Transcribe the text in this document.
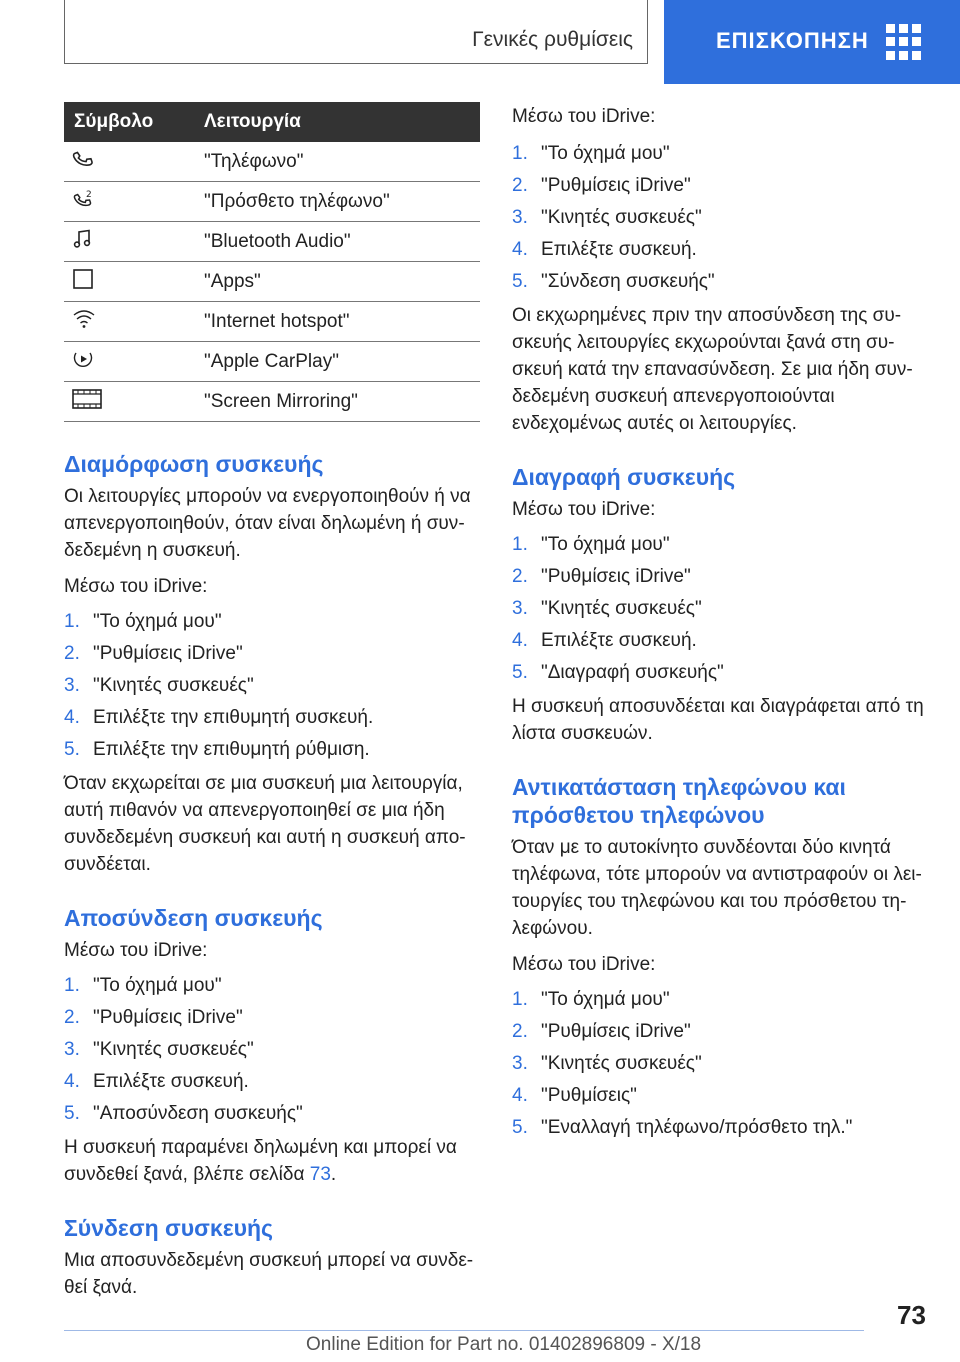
Γενικές ρυθμίσεις	ΕΠΙΣΚΟΠΗΣΗ
Σύμβολο	Λειτουργία
	"Τηλέφωνο"

2	"Πρόσθετο τηλέφωνο"
	"Bluetooth Audio"
	"Apps"
	"Internet hotspot"
	"Apple CarPlay"
	"Screen Mirroring"
Διαμόρφωση συσκευής

Οι λειτουργίες μπορούν να ενεργοποιηθούν ή να απενεργοποιηθούν, όταν είναι δηλωμένη ή συνδεδεμένη η συσκευή.

Μέσω του iDrive:

1. "Το όχημά μου"
2. "Ρυθμίσεις iDrive"
3. "Κινητές συσκευές"
4. Επιλέξτε την επιθυμητή συσκευή.
5. Επιλέξτε την επιθυμητή ρύθμιση.

Όταν εκχωρείται σε μια συσκευή μια λειτουργία, αυτή πιθανόν να απενεργοποιηθεί σε μια ήδη συνδεδεμένη συσκευή και αυτή η συσκευή αποσυνδέεται.

Αποσύνδεση συσκευής

Μέσω του iDrive:

1. "Το όχημά μου"
2. "Ρυθμίσεις iDrive"
3. "Κινητές συσκευές"
4. Επιλέξτε συσκευή.
5. "Αποσύνδεση συσκευής"

Η συσκευή παραμένει δηλωμένη και μπορεί να συνδεθεί ξανά, βλέπε σελίδα 73.

Σύνδεση συσκευής

Μια αποσυνδεδεμένη συσκευή μπορεί να συνδεθεί ξανά.

Μέσω του iDrive:

1. "Το όχημά μου"
2. "Ρυθμίσεις iDrive"
3. "Κινητές συσκευές"
4. Επιλέξτε συσκευή.
5. "Σύνδεση συσκευής"

Οι εκχωρημένες πριν την αποσύνδεση της συσκευής λειτουργίες εκχωρούνται ξανά στη συσκευή κατά την επανασύνδεση. Σε μια ήδη συνδεδεμένη συσκευή απενεργοποιούνται ενδεχομένως αυτές οι λειτουργίες.

Διαγραφή συσκευής

Μέσω του iDrive:

1. "Το όχημά μου"
2. "Ρυθμίσεις iDrive"
3. "Κινητές συσκευές"
4. Επιλέξτε συσκευή.
5. "Διαγραφή συσκευής"

Η συσκευή αποσυνδέεται και διαγράφεται από τη λίστα συσκευών.

Αντικατάσταση τηλεφώνου και πρόσθετου τηλεφώνου

Όταν με το αυτοκίνητο συνδέονται δύο κινητά τηλέφωνα, τότε μπορούν να αντιστραφούν οι λειτουργίες του τηλεφώνου και του πρόσθετου τηλεφώνου.

Μέσω του iDrive:

1. "Το όχημά μου"
2. "Ρυθμίσεις iDrive"
3. "Κινητές συσκευές"
4. "Ρυθμίσεις"
5. "Εναλλαγή τηλέφωνο/πρόσθετο τηλ."
73
Online Edition for Part no. 01402896809 - X/18
